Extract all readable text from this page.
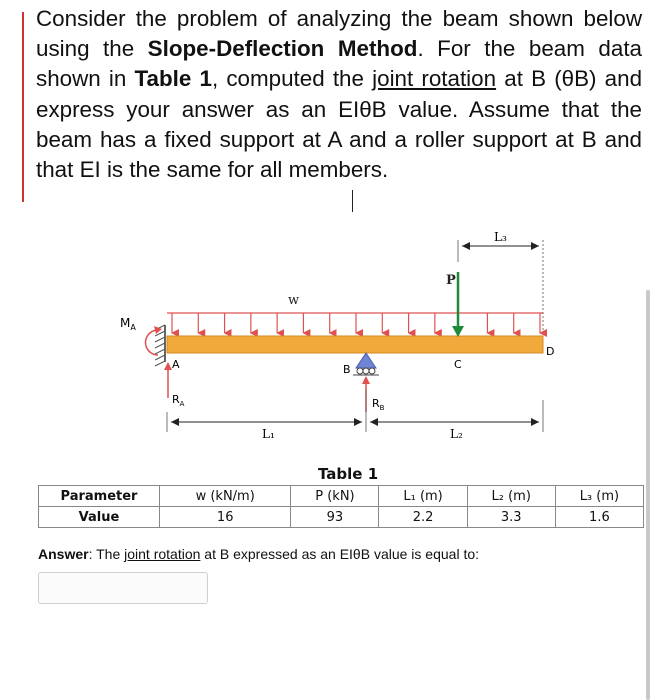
Consider the problem of analyzing the beam shown below using the Slope-Deflection Method. For the beam data shown in Table 1, computed the joint rotation at B (θB) and express your answer as an EIθB value. Assume that the beam has a fixed support at A and a roller support at B and that EI is the same for all members.
$M_A$
w
P
B	C
D
A
$R_A$	$R_B$
L₃
L₁	L₂
Table 1
Parameter	w (kN/m)	P (kN)	L₁ (m)	L₂ (m)	L₃ (m)
Value	16	93	2.2	3.3	1.6
Answer: The joint rotation at B expressed as an EIθB value is equal to:
